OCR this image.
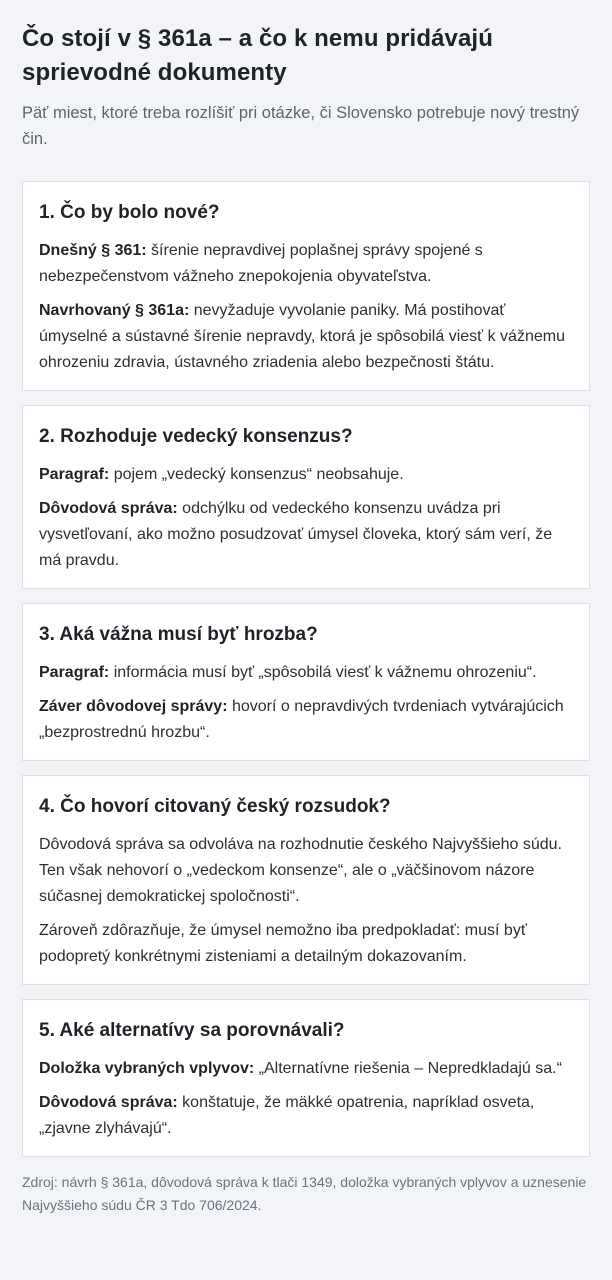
Čo stojí v § 361a – a čo k nemu pridávajú sprievodné dokumenty

Päť miest, ktoré treba rozlíšiť pri otázke, či Slovensko potrebuje nový trestný čin.

1. Čo by bolo nové?

Dnešný § 361: šírenie nepravdivej poplašnej správy spojené s nebezpečenstvom vážneho znepokojenia obyvateľstva.

Navrhovaný § 361a: nevyžaduje vyvolanie paniky. Má postihovať úmyselné a sústavné šírenie nepravdy, ktorá je spôsobilá viesť k vážnemu ohrozeniu zdravia, ústavného zriadenia alebo bezpečnosti štátu.

2. Rozhoduje vedecký konsenzus?

Paragraf: pojem „vedecký konsenzus“ neobsahuje.

Dôvodová správa: odchýlku od vedeckého konsenzu uvádza pri vysvetľovaní, ako možno posudzovať úmysel človeka, ktorý sám verí, že má pravdu.

3. Aká vážna musí byť hrozba?

Paragraf: informácia musí byť „spôsobilá viesť k vážnemu ohrozeniu“.

Záver dôvodovej správy: hovorí o nepravdivých tvrdeniach vytvárajúcich „bezprostrednú hrozbu“.

4. Čo hovorí citovaný český rozsudok?

Dôvodová správa sa odvoláva na rozhodnutie českého Najvyššieho súdu. Ten však nehovorí o „vedeckom konsenze“, ale o „väčšinovom názore súčasnej demokratickej spoločnosti“.

Zároveň zdôrazňuje, že úmysel nemožno iba predpokladať: musí byť podopretý konkrétnymi zisteniami a detailným dokazovaním.

5. Aké alternatívy sa porovnávali?

Doložka vybraných vplyvov: „Alternatívne riešenia – Nepredkladajú sa.“

Dôvodová správa: konštatuje, že mäkké opatrenia, napríklad osveta, „zjavne zlyhávajú“.

Zdroj: návrh § 361a, dôvodová správa k tlači 1349, doložka vybraných vplyvov a uznesenie Najvyššieho súdu ČR 3 Tdo 706/2024.
